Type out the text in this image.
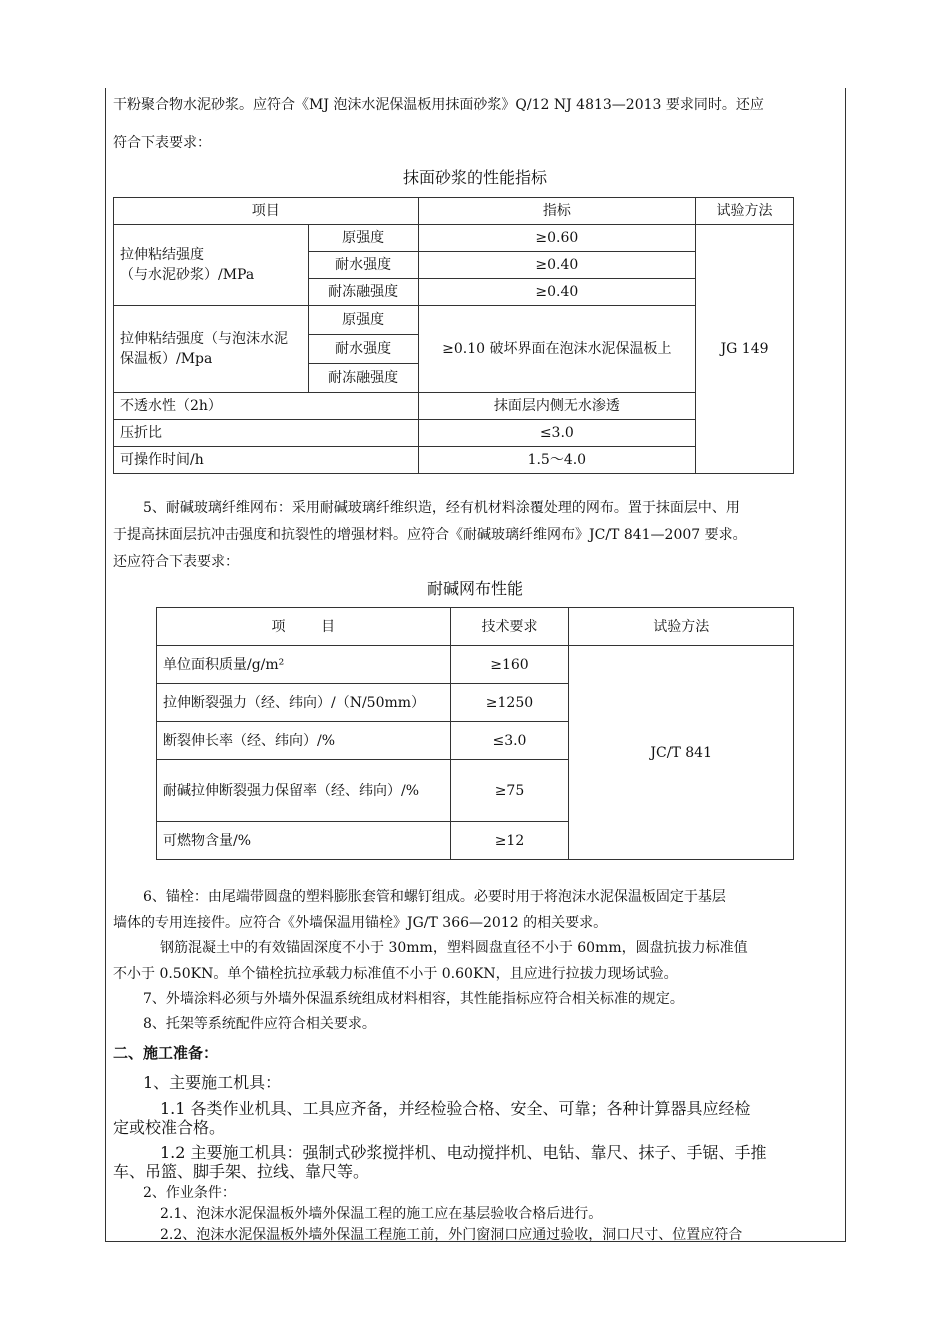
干粉聚合物水泥砂浆。应符合《MJ 泡沫水泥保温板用抹面砂浆》Q/12 NJ 4813—2013 要求同时。还应
符合下表要求：
抹面砂浆的性能指标
项目		指标	试验方法
拉伸粘结强度
（与水泥砂浆）/MPa	原强度	≥0.60	JG 149
	耐水强度	≥0.40	
	耐冻融强度	≥0.40	
拉伸粘结强度（与泡沫水泥保温板）/Mpa	原强度	≥0.10 破坏界面在泡沫水泥保温板上	
	耐水强度		
	耐冻融强度		
不透水性（2h）		抹面层内侧无水渗透	
压折比		≤3.0	
可操作时间/h		1.5～4.0	
5、耐碱玻璃纤维网布：采用耐碱玻璃纤维织造，经有机材料涂覆处理的网布。置于抹面层中、用
于提高抹面层抗冲击强度和抗裂性的增强材料。应符合《耐碱玻璃纤维网布》JC/T 841—2007 要求。
还应符合下表要求：
耐碱网布性能
项        目	技术要求	试验方法
单位面积质量/g/m²	≥160	JC/T 841
拉伸断裂强力（经、纬向）/（N/50mm）	≥1250	
断裂伸长率（经、纬向）/%	≤3.0	
耐碱拉伸断裂强力保留率（经、纬向）/%	≥75	
可燃物含量/%	≥12	
6、锚栓：由尾端带圆盘的塑料膨胀套管和螺钉组成。必要时用于将泡沫水泥保温板固定于基层
墙体的专用连接件。应符合《外墙保温用锚栓》JG/T 366—2012 的相关要求。
钢筋混凝土中的有效锚固深度不小于 30mm，塑料圆盘直径不小于 60mm，圆盘抗拔力标准值
不小于 0.50KN。单个锚栓抗拉承载力标准值不小于 0.60KN，且应进行拉拔力现场试验。
7、外墙涂料必须与外墙外保温系统组成材料相容，其性能指标应符合相关标准的规定。
8、托架等系统配件应符合相关要求。
二、施工准备：
1、主要施工机具：
1.1 各类作业机具、工具应齐备，并经检验合格、安全、可靠；各种计算器具应经检
定或校准合格。
1.2 主要施工机具：强制式砂浆搅拌机、电动搅拌机、电钻、靠尺、抹子、手锯、手推
车、吊篮、脚手架、拉线、靠尺等。
2、作业条件：
2.1、泡沫水泥保温板外墙外保温工程的施工应在基层验收合格后进行。
2.2、泡沫水泥保温板外墙外保温工程施工前，外门窗洞口应通过验收，洞口尺寸、位置应符合
